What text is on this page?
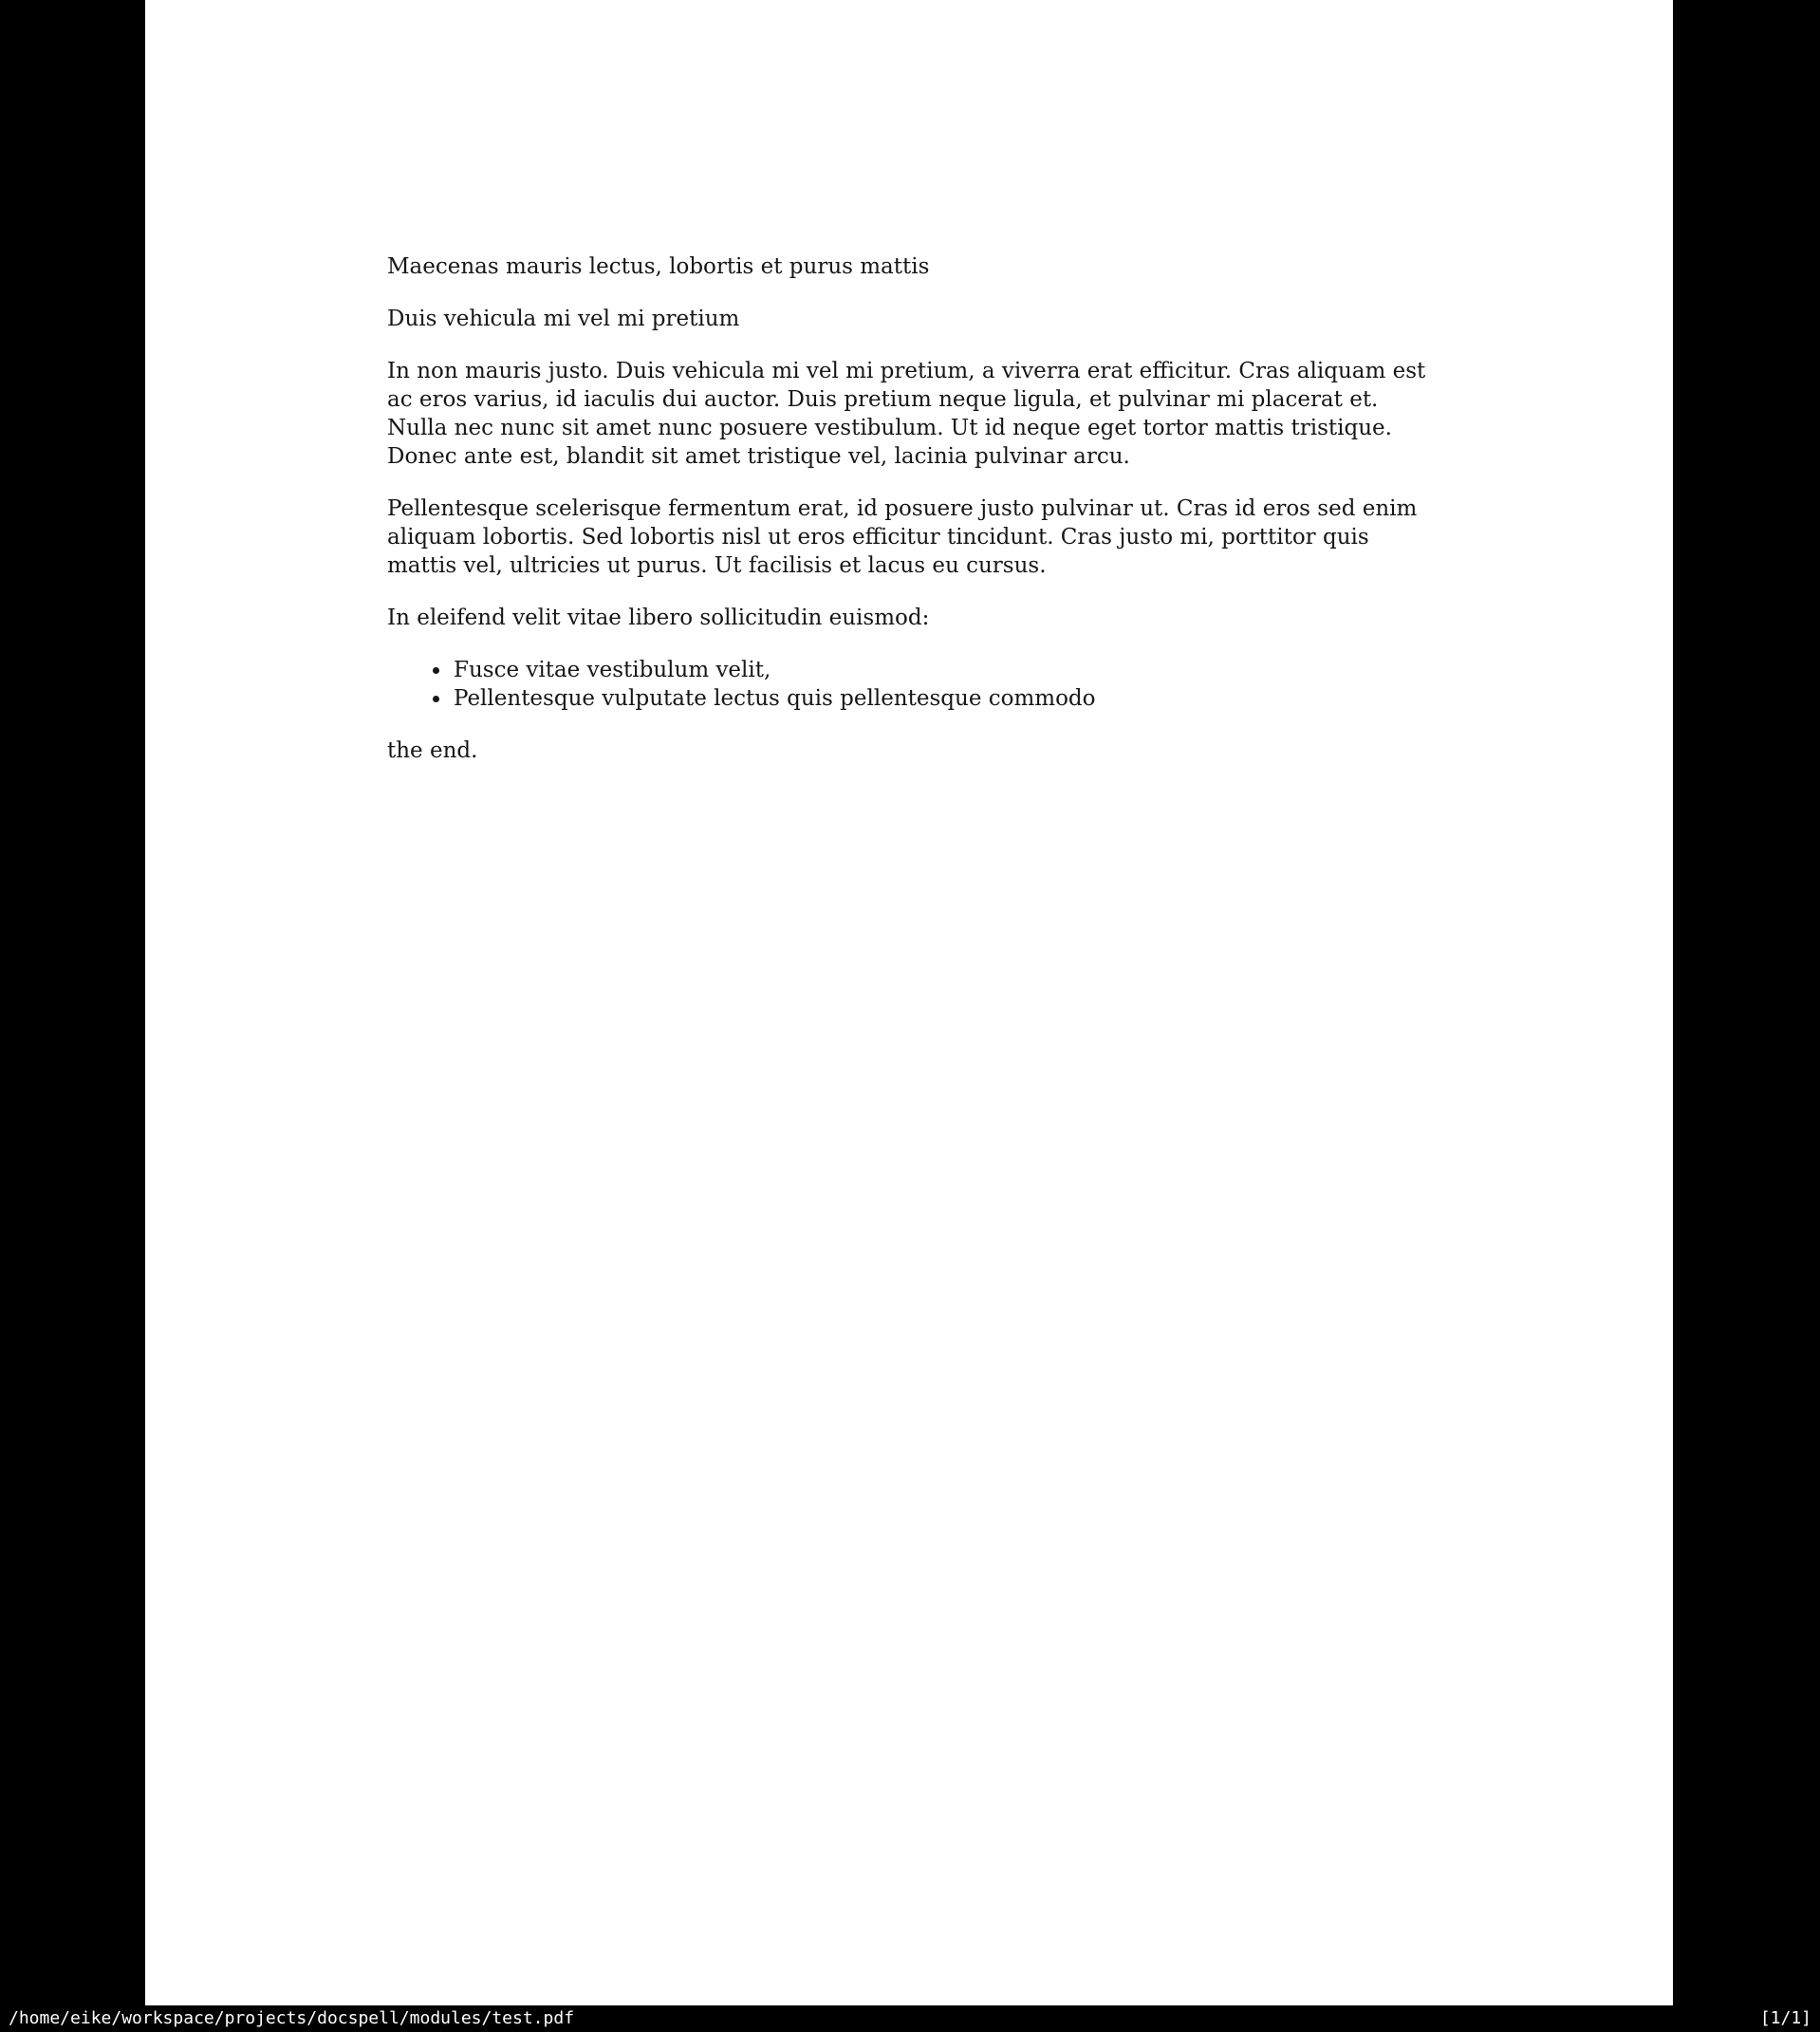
Maecenas mauris lectus, lobortis et purus mattis

Duis vehicula mi vel mi pretium

In non mauris justo. Duis vehicula mi vel mi pretium, a viverra erat efficitur. Cras aliquam est ac eros varius, id iaculis dui auctor. Duis pretium neque ligula, et pulvinar mi placerat et. Nulla nec nunc sit amet nunc posuere vestibulum. Ut id neque eget tortor mattis tristique. Donec ante est, blandit sit amet tristique vel, lacinia pulvinar arcu.

Pellentesque scelerisque fermentum erat, id posuere justo pulvinar ut. Cras id eros sed enim aliquam lobortis. Sed lobortis nisl ut eros efficitur tincidunt. Cras justo mi, porttitor quis mattis vel, ultricies ut purus. Ut facilisis et lacus eu cursus.

In eleifend velit vitae libero sollicitudin euismod:

• Fusce vitae vestibulum velit,
• Pellentesque vulputate lectus quis pellentesque commodo

the end.

/home/eike/workspace/projects/docspell/modules/test.pdf	[1/1]
